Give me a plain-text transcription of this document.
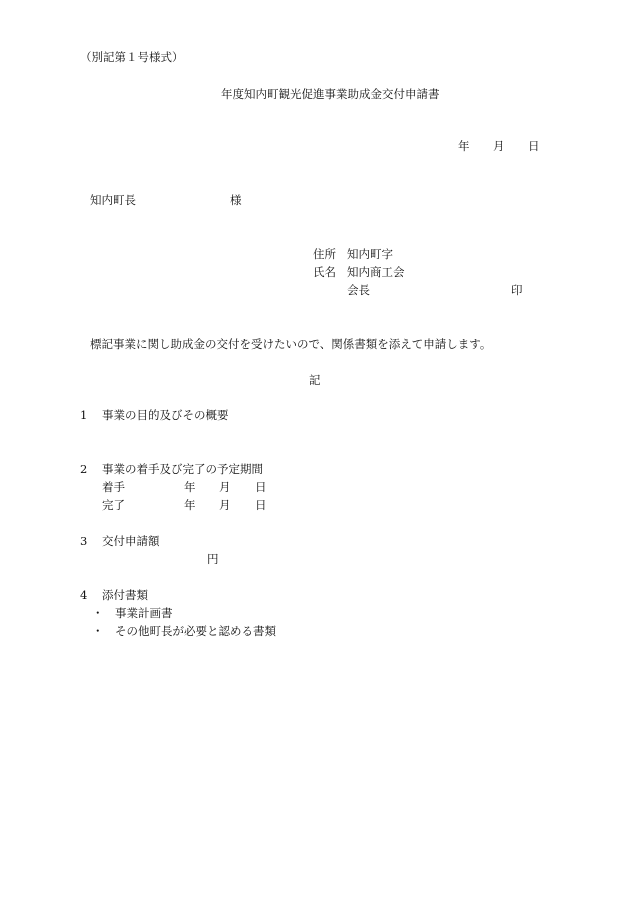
（別記第１号様式）
年度知内町観光促進事業助成金交付申請書
年 月 日
知内町長	様
住所 知内町字
氏名 知内商工会
会長	印
標記事業に関し助成金の交付を受けたいので、関係書類を添えて申請します。
記
1 事業の目的及びその概要
2 事業の着手及び完了の予定期間
着手	年 月 日
完了	年 月 日
3 交付申請額
円
4 添付書類
・ 事業計画書
・ その他町長が必要と認める書類
